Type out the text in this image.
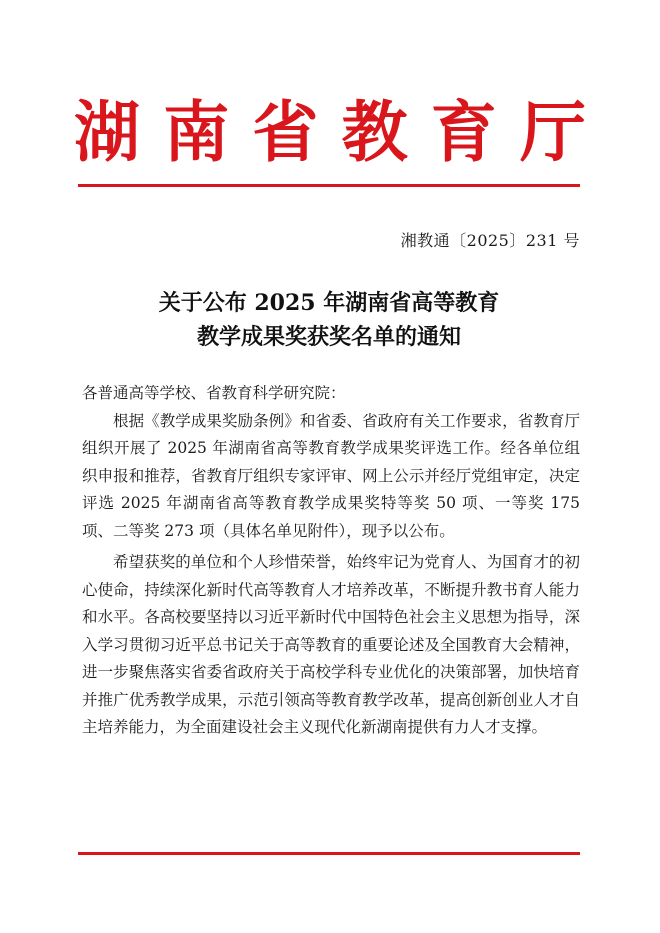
湖 南 省 教 育 厅
湘教通〔2025〕231 号
关于公布 2025 年湖南省高等教育
教学成果奖获奖名单的通知

各普通高等学校、省教育科学研究院：

根据《教学成果奖励条例》和省委、省政府有关工作要求，省教育厅组织开展了 2025 年湖南省高等教育教学成果奖评选工作。经各单位组织申报和推荐，省教育厅组织专家评审、网上公示并经厅党组审定，决定评选 2025 年湖南省高等教育教学成果奖特等奖 50 项、一等奖 175 项、二等奖 273 项（具体名单见附件），现予以公布。

希望获奖的单位和个人珍惜荣誉，始终牢记为党育人、为国育才的初心使命，持续深化新时代高等教育人才培养改革，不断提升教书育人能力和水平。各高校要坚持以习近平新时代中国特色社会主义思想为指导，深入学习贯彻习近平总书记关于高等教育的重要论述及全国教育大会精神，进一步聚焦落实省委省政府关于高校学科专业优化的决策部署，加快培育并推广优秀教学成果，示范引领高等教育教学改革，提高创新创业人才自主培养能力，为全面建设社会主义现代化新湖南提供有力人才支撑。
